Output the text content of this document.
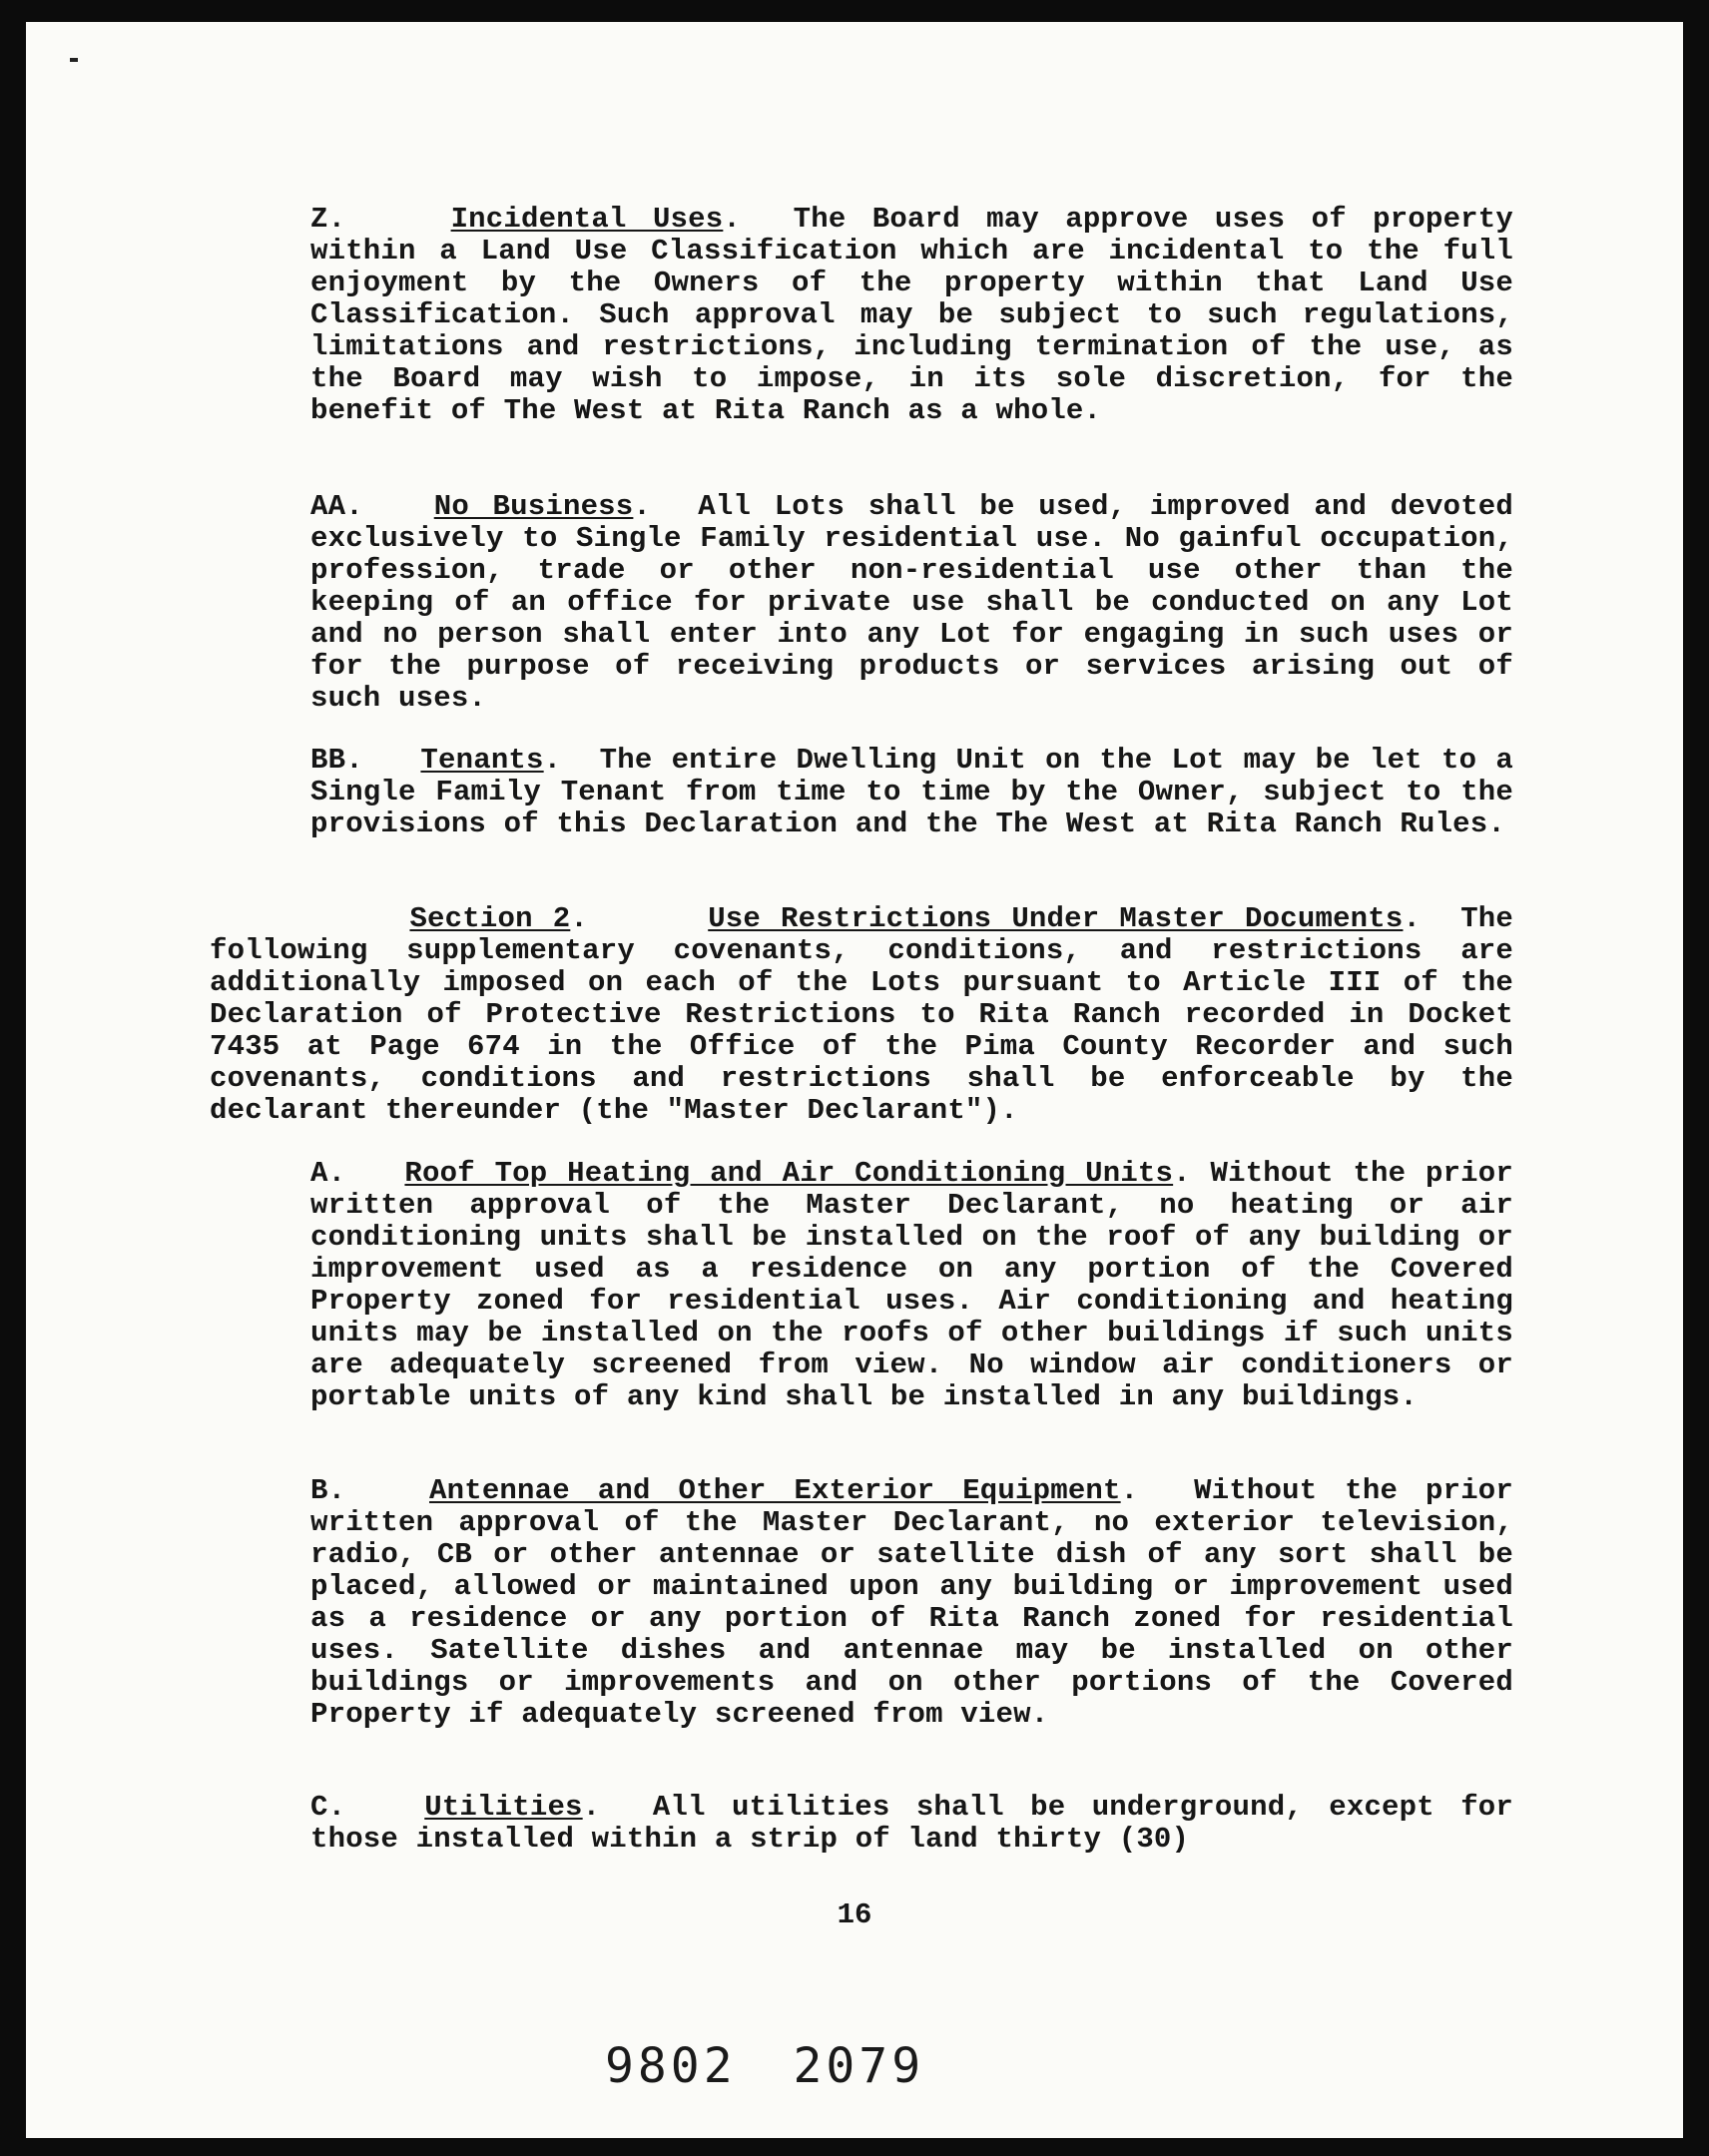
Z.	Incidental Uses.  The Board may approve uses of property within a Land Use Classification which are incidental to the full enjoyment by the Owners of the property within that Land Use Classification. Such approval may be subject to such regulations, limitations and restrictions, including termination of the use, as the Board may wish to impose, in its sole discretion, for the benefit of The West at Rita Ranch as a whole.

AA. No Business.  All Lots shall be used, improved and devoted exclusively to Single Family residential use. No gainful occupation, profession, trade or other non-residential use other than the keeping of an office for private use shall be conducted on any Lot and no person shall enter into any Lot for engaging in such uses or for the purpose of receiving products or services arising out of such uses.

BB. Tenants.  The entire Dwelling Unit on the Lot may be let to a Single Family Tenant from time to time by the Owner, subject to the provisions of this Declaration and the The West at Rita Ranch Rules.

Section 2.      Use Restrictions Under Master Documents.  The following supplementary covenants, conditions, and restrictions are additionally imposed on each of the Lots pursuant to Article III of the Declaration of Protective Restrictions to Rita Ranch recorded in Docket 7435 at Page 674 in the Office of the Pima County Recorder and such covenants, conditions and restrictions shall be enforceable by the declarant thereunder (the "Master Declarant").

A. Roof Top Heating and Air Conditioning Units. Without the prior written approval of the Master Declarant, no heating or air conditioning units shall be installed on the roof of any building or improvement used as a residence on any portion of the Covered Property zoned for residential uses. Air conditioning and heating units may be installed on the roofs of other buildings if such units are adequately screened from view. No window air conditioners or portable units of any kind shall be installed in any buildings.

B.	Antennae and Other Exterior Equipment.  Without the prior written approval of the Master Declarant, no exterior television, radio, CB or other antennae or satellite dish of any sort shall be placed, allowed or maintained upon any building or improvement used as a residence or any portion of Rita Ranch zoned for residential uses. Satellite dishes and antennae may be installed on other buildings or improvements and on other portions of the Covered Property if adequately screened from view.

C.	Utilities.  All utilities shall be underground, except for those installed within a strip of land thirty (30)

16
9802 2079
